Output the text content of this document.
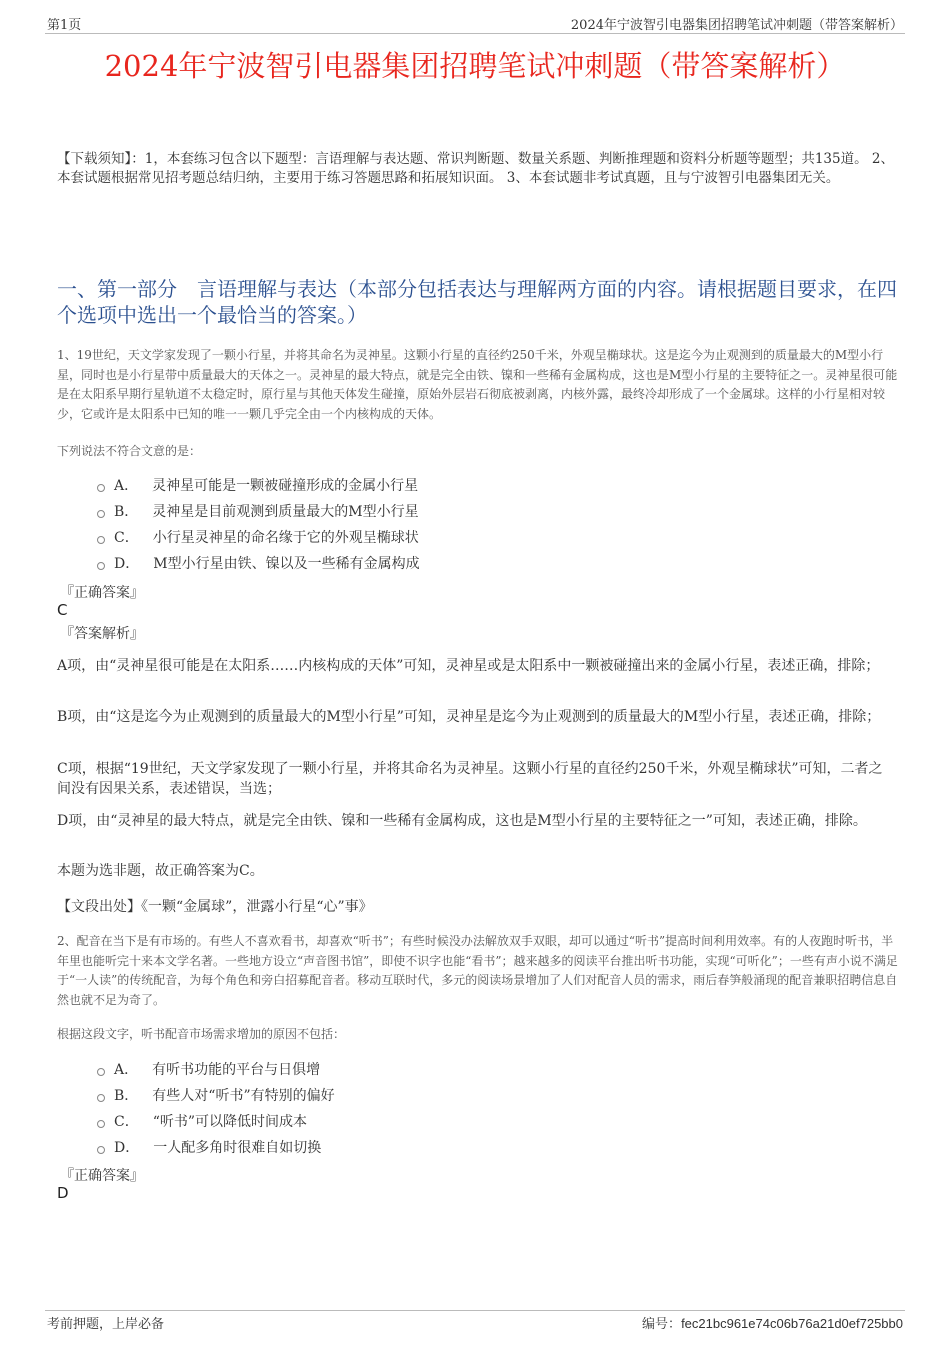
第1页	2024年宁波智引电器集团招聘笔试冲刺题（带答案解析）
2024年宁波智引电器集团招聘笔试冲刺题（带答案解析）
【下载须知】：1，本套练习包含以下题型：言语理解与表达题、常识判断题、数量关系题、判断推理题和资料分析题等题型；共135道。 2、本套试题根据常见招考题总结归纳，主要用于练习答题思路和拓展知识面。 3、本套试题非考试真题，且与宁波智引电器集团无关。
一、第一部分　言语理解与表达（本部分包括表达与理解两方面的内容。请根据题目要求，在四个选项中选出一个最恰当的答案。）
1、19世纪，天文学家发现了一颗小行星，并将其命名为灵神星。这颗小行星的直径约250千米，外观呈椭球状。这是迄今为止观测到的质量最大的M型小行星，同时也是小行星带中质量最大的天体之一。灵神星的最大特点，就是完全由铁、镍和一些稀有金属构成，这也是M型小行星的主要特征之一。灵神星很可能是在太阳系早期行星轨道不太稳定时，原行星与其他天体发生碰撞，原始外层岩石彻底被剥离，内核外露，最终冷却形成了一个金属球。这样的小行星相对较少，它或许是太阳系中已知的唯一一颗几乎完全由一个内核构成的天体。
下列说法不符合文意的是：
A． 灵神星可能是一颗被碰撞形成的金属小行星
B． 灵神星是目前观测到质量最大的M型小行星
C． 小行星灵神星的命名缘于它的外观呈椭球状
D． M型小行星由铁、镍以及一些稀有金属构成
『正确答案』
C
『答案解析』
A项，由“灵神星很可能是在太阳系……内核构成的天体”可知，灵神星或是太阳系中一颗被碰撞出来的金属小行星，表述正确，排除；
B项，由“这是迄今为止观测到的质量最大的M型小行星”可知，灵神星是迄今为止观测到的质量最大的M型小行星，表述正确，排除；
C项，根据“19世纪，天文学家发现了一颗小行星，并将其命名为灵神星。这颗小行星的直径约250千米，外观呈椭球状”可知，二者之间没有因果关系，表述错误，当选；
D项，由“灵神星的最大特点，就是完全由铁、镍和一些稀有金属构成，这也是M型小行星的主要特征之一”可知，表述正确，排除。
本题为选非题，故正确答案为C。
【文段出处】《一颗“金属球”，泄露小行星“心”事》
2、配音在当下是有市场的。有些人不喜欢看书，却喜欢“听书”；有些时候没办法解放双手双眼，却可以通过“听书”提高时间利用效率。有的人夜跑时听书，半年里也能听完十来本文学名著。一些地方设立“声音图书馆”，即使不识字也能“看书”；越来越多的阅读平台推出听书功能，实现“可听化”；一些有声小说不满足于“一人读”的传统配音，为每个角色和旁白招募配音者。移动互联时代，多元的阅读场景增加了人们对配音人员的需求，雨后春笋般涌现的配音兼职招聘信息自然也就不足为奇了。
根据这段文字，听书配音市场需求增加的原因不包括：
A． 有听书功能的平台与日俱增
B． 有些人对“听书”有特别的偏好
C． “听书”可以降低时间成本
D． 一人配多角时很难自如切换
『正确答案』
D
考前押题，上岸必备	编号：fec21bc961e74c06b76a21d0ef725bb0
